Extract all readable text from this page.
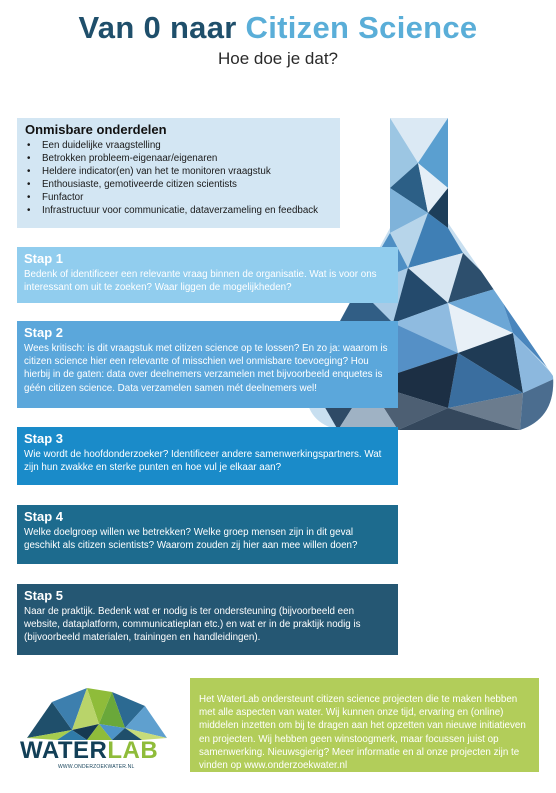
Van 0 naar Citizen Science
Hoe doe je dat?
Onmisbare onderdelen
• Een duidelijke vraagstelling
• Betrokken probleem-eigenaar/eigenaren
• Heldere indicator(en) van het te monitoren vraagstuk
• Enthousiaste, gemotiveerde citizen scientists
• Funfactor
• Infrastructuur voor communicatie, dataverzameling en feedback
Stap 1

Bedenk of identificeer een relevante vraag binnen de organisatie. Wat is voor ons interessant om uit te zoeken? Waar liggen de mogelijkheden?

Stap 2

Wees kritisch: is dit vraagstuk met citizen science op te lossen? En zo ja: waarom is citizen science hier een relevante of misschien wel onmisbare toevoeging? Hou hierbij in de gaten: data over deelnemers verzamelen met bijvoorbeeld enquetes is géén citizen science. Data verzamelen samen mét deelnemers wel!

Stap 3

Wie wordt de hoofdonderzoeker? Identificeer andere samenwerkingspartners. Wat zijn hun zwakke en sterke punten en hoe vul je elkaar aan?

Stap 4

Welke doelgroep willen we betrekken? Welke groep mensen zijn in dit geval geschikt als citizen scientists? Waarom zouden zij hier aan mee willen doen?

Stap 5

Naar de praktijk. Bedenk wat er nodig is ter ondersteuning (bijvoorbeeld een website, dataplatform, communicatieplan etc.) en wat er in de praktijk nodig is (bijvoorbeeld materialen, trainingen en handleidingen).

WATERLAB
WWW.ONDERZOEKWATER.NL

Het WaterLab ondersteunt citizen science projecten die te maken hebben met alle aspecten van water. Wij kunnen onze tijd, ervaring en (online) middelen inzetten om bij te dragen aan het opzetten van nieuwe initiatieven en projecten. Wij hebben geen winstoogmerk, maar focussen juist op samenwerking. Nieuwsgierig? Meer informatie en al onze projecten zijn te vinden op www.onderzoekwater.nl
